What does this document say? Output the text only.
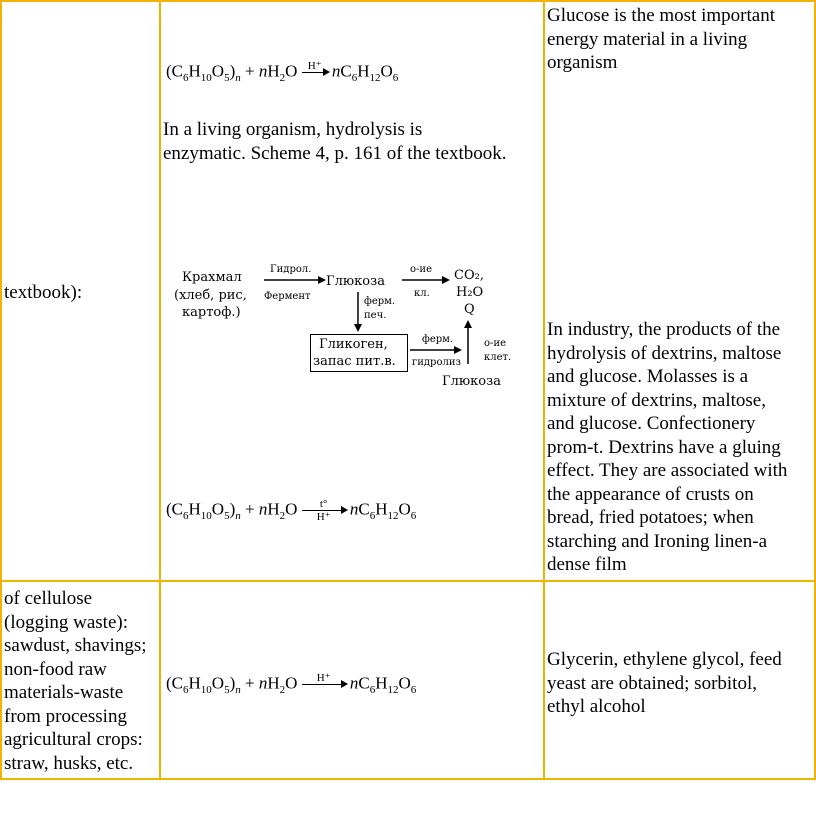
textbook):
of cellulose
(logging waste):
sawdust, shavings;
non-food raw
materials-waste
from processing
agricultural crops:
straw, husks, etc.
$(C_6H_{10}O_5)_n + nH_2O$ H⁺
$nC_6H_{12}O_6$
In a living organism, hydrolysis is
enzymatic. Scheme 4, p. 161 of the textbook.
Крахмал
(хлеб, рис,
картоф.)
Гидрол.
Фермент
Глюкоза
о-ие
кл.
CO₂,
H₂O
Q
ферм.
печ.
Гликоген,
запас пит.в.
ферм.
гидролиз
о-ие
клет.
Глюкоза
$(C_6H_{10}O_5)_n + nH_2O \frac{t^\circ}{H^+} nC_6H_{12}O_6$
$(C_6H_{10}O_5)_n + nH_2O$	H⁺
	$nC_6H_{12}O_6$
Glucose is the most important
energy material in a living
organism
In industry, the products of the
hydrolysis of dextrins, maltose
and glucose. Molasses is a
mixture of dextrins, maltose,
and glucose. Confectionery
prom-t. Dextrins have a gluing
effect. They are associated with
the appearance of crusts on
bread, fried potatoes; when
starching and Ironing linen-a
dense film
Glycerin, ethylene glycol, feed
yeast are obtained; sorbitol,
ethyl alcohol
